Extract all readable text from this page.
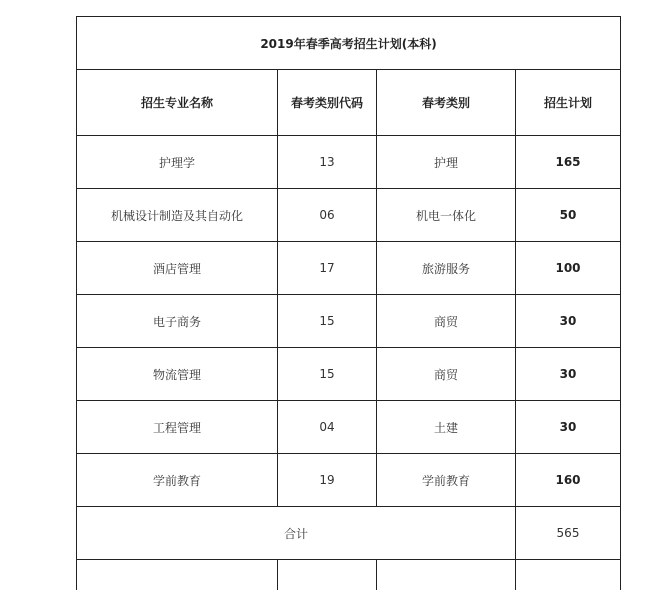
2019年春季高考招生计划(本科)			
招生专业名称	春考类别代码	春考类别	招生计划
护理学	13	护理	165
机械设计制造及其自动化	06	机电一体化	50
酒店管理	17	旅游服务	100
电子商务	15	商贸	30
物流管理	15	商贸	30
工程管理	04	土建	30
学前教育	19	学前教育	160
合计			565
